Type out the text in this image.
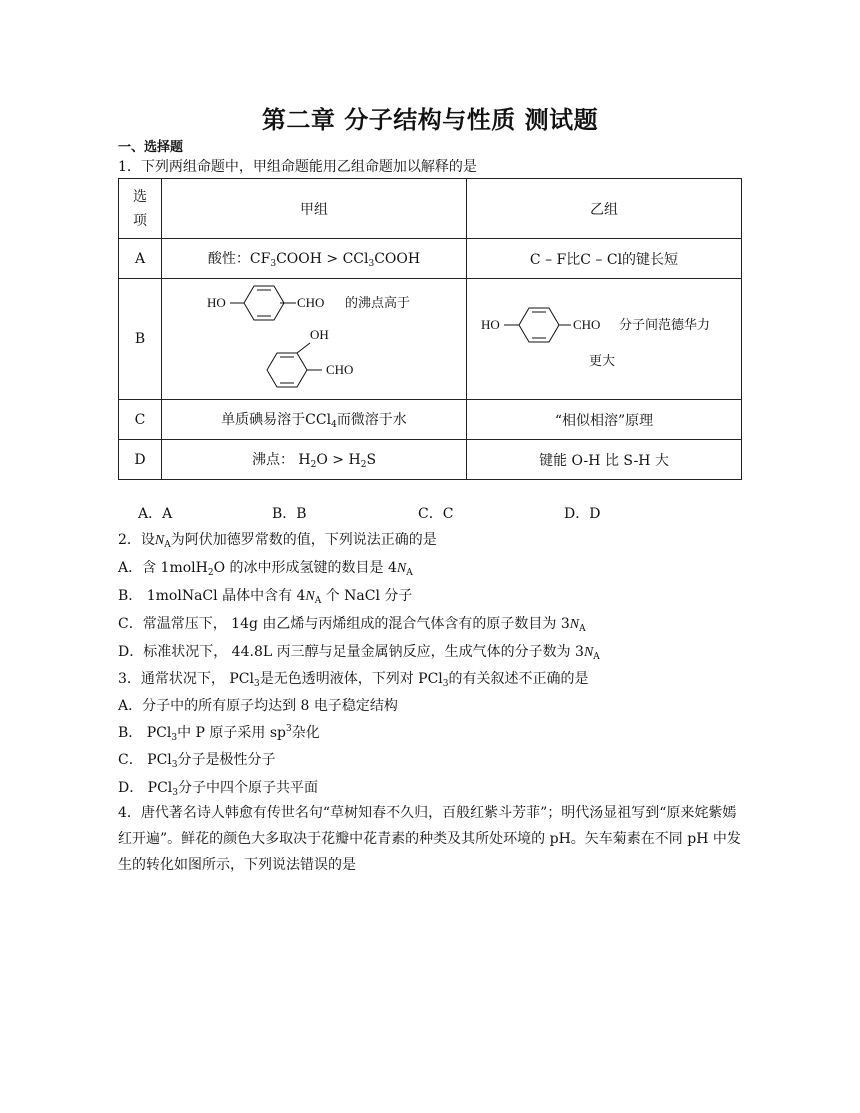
第二章 分子结构与性质 测试题
一、选择题
1．下列两组命题中，甲组命题能用乙组命题加以解释的是
选
项	甲组	乙组
A	酸性：$CF_3COOH$ > CCl$_3$COOH	C – F比C – Cl的键长短
B	HO CHO 的沸点高于
OH
CHO	HO CHO 分子间范德华力
更大

C	单质碘易溶于CCl$_4$而微溶于水	“相似相溶”原理
D	沸点： $H_2O > H_2S$	键能 O-H 比 S-H 大
A．A	B．B	C．C	D．D
2．设$N_A$为阿伏加德罗常数的值，下列说法正确的是
A．含 1molH$_2$O 的冰中形成氢键的数目是 $4N_A$
B． 1molNaCl 晶体中含有 $4N_A$ 个 NaCl 分子
C．常温常压下， 14g 由乙烯与丙烯组成的混合气体含有的原子数目为 $3N_A$
D．标准状况下， 44.8L 丙三醇与足量金属钠反应，生成气体的分子数为 $3N_A$
3．通常状况下， PCl$_3$是无色透明液体，下列对 PCl$_3$的有关叙述不正确的是
A．分子中的所有原子均达到 8 电子稳定结构
B． PCl$_3$中 P 原子采用 $sp^3$杂化
C． PCl$_3$分子是极性分子
D． PCl$_3$分子中四个原子共平面
4．唐代著名诗人韩愈有传世名句“草树知春不久归，百般红紫斗芳菲”；明代汤显祖写到“原来姹紫嫣红开遍”。鲜花的颜色大多取决于花瓣中花青素的种类及其所处环境的 pH。矢车菊素在不同 pH 中发生的转化如图所示，下列说法错误的是
